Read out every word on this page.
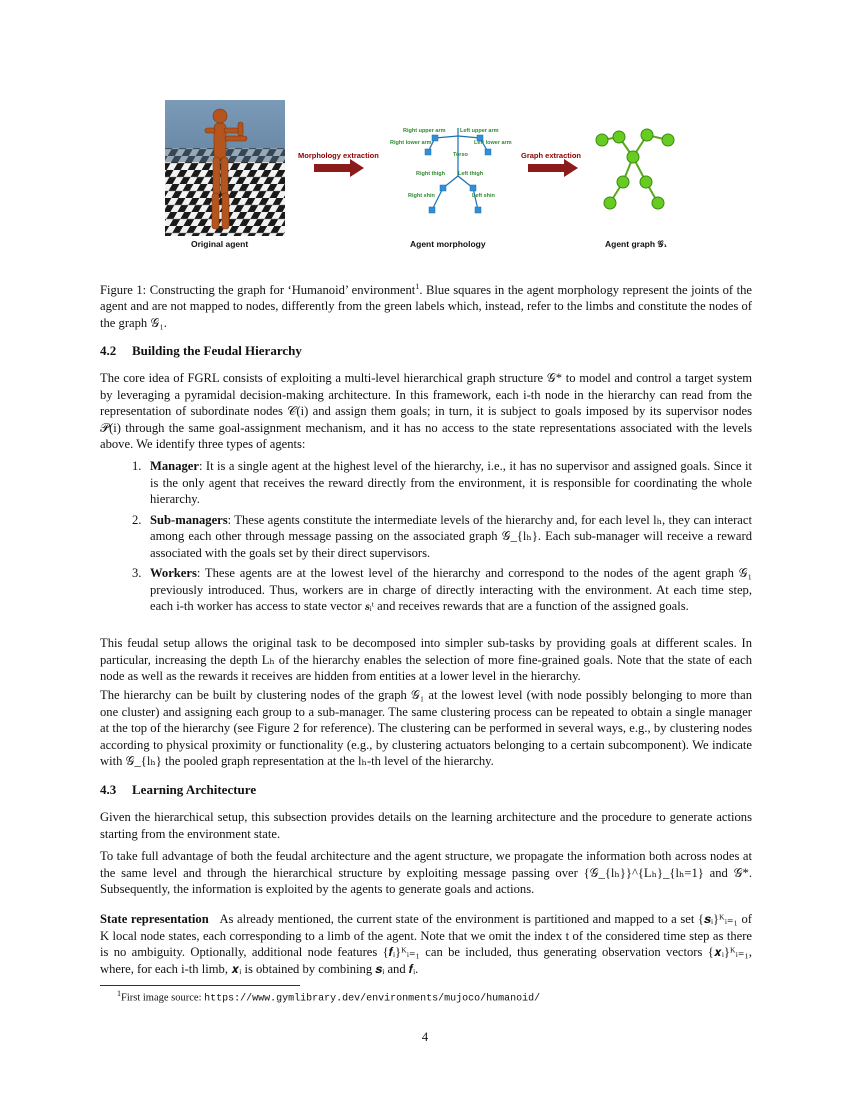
Morphology extraction
Right upper arm	Left upper arm
Right lower arm	Left lower arm
Torso
Right thigh Left thigh
Right shin	Left shin
Graph extraction
Original agent	Agent morphology	Agent graph 𝒢₁

Figure 1: Constructing the graph for ‘Humanoid’ environment$^1$. Blue squares in the agent morphology represent the joints of the agent and are not mapped to nodes, differently from the green labels which, instead, refer to the limbs and constitute the nodes of the graph 𝒢₁.

4.2 Building the Feudal Hierarchy

The core idea of FGRL consists of exploiting a multi-level hierarchical graph structure 𝒢* to model and control a target system by leveraging a pyramidal decision-making architecture. In this framework, each i-th node in the hierarchy can read from the representation of subordinate nodes 𝒞(i) and assign them goals; in turn, it is subject to goals imposed by its supervisor nodes 𝒫(i) through the same goal-assignment mechanism, and it has no access to the state representations associated with the levels above. We identify three types of agents:

1. Manager: It is a single agent at the highest level of the hierarchy, i.e., it has no supervisor and assigned goals. Since it is the only agent that receives the reward directly from the environment, it is responsible for coordinating the whole hierarchy.
2. Sub-managers: These agents constitute the intermediate levels of the hierarchy and, for each level lₕ, they can interact among each other through message passing on the associated graph 𝒢_{lₕ}. Each sub-manager will receive a reward associated with the goals set by their direct supervisors.
3. Workers: These agents are at the lowest level of the hierarchy and correspond to the nodes of the agent graph 𝒢₁ previously introduced. Thus, workers are in charge of directly interacting with the environment. At each time step, each i-th worker has access to state vector 𝒔ᵢᵗ and receives rewards that are a function of the assigned goals.

This feudal setup allows the original task to be decomposed into simpler sub-tasks by providing goals at different scales. In particular, increasing the depth Lₕ of the hierarchy enables the selection of more fine-grained goals. Note that the state of each node as well as the rewards it receives are hidden from entities at a lower level in the hierarchy.

The hierarchy can be built by clustering nodes of the graph 𝒢₁ at the lowest level (with node possibly belonging to more than one cluster) and assigning each group to a sub-manager. The same clustering process can be repeated to obtain a single manager at the top of the hierarchy (see Figure 2 for reference). The clustering can be performed in several ways, e.g., by clustering nodes according to physical proximity or functionality (e.g., by clustering actuators belonging to a certain subcomponent). We indicate with 𝒢_{lₕ} the pooled graph representation at the lₕ-th level of the hierarchy.

4.3 Learning Architecture

Given the hierarchical setup, this subsection provides details on the learning architecture and the procedure to generate actions starting from the environment state.

To take full advantage of both the feudal architecture and the agent structure, we propagate the information both across nodes at the same level and through the hierarchical structure by exploiting message passing over {𝒢_{lₕ}}^{Lₕ}_{lₕ=1} and 𝒢*. Subsequently, the information is exploited by the agents to generate goals and actions.

State representation As already mentioned, the current state of the environment is partitioned and mapped to a set {𝒔ᵢ}ᴷᵢ₌₁ of K local node states, each corresponding to a limb of the agent. Note that we omit the index t of the considered time step as there is no ambiguity. Optionally, additional node features {𝒇ᵢ}ᴷᵢ₌₁ can be included, thus generating observation vectors {𝒙ᵢ}ᴷᵢ₌₁, where, for each i-th limb, 𝒙ᵢ is obtained by combining 𝒔ᵢ and 𝒇ᵢ.

$^1$First image source: https://www.gymlibrary.dev/environments/mujoco/humanoid/
4
